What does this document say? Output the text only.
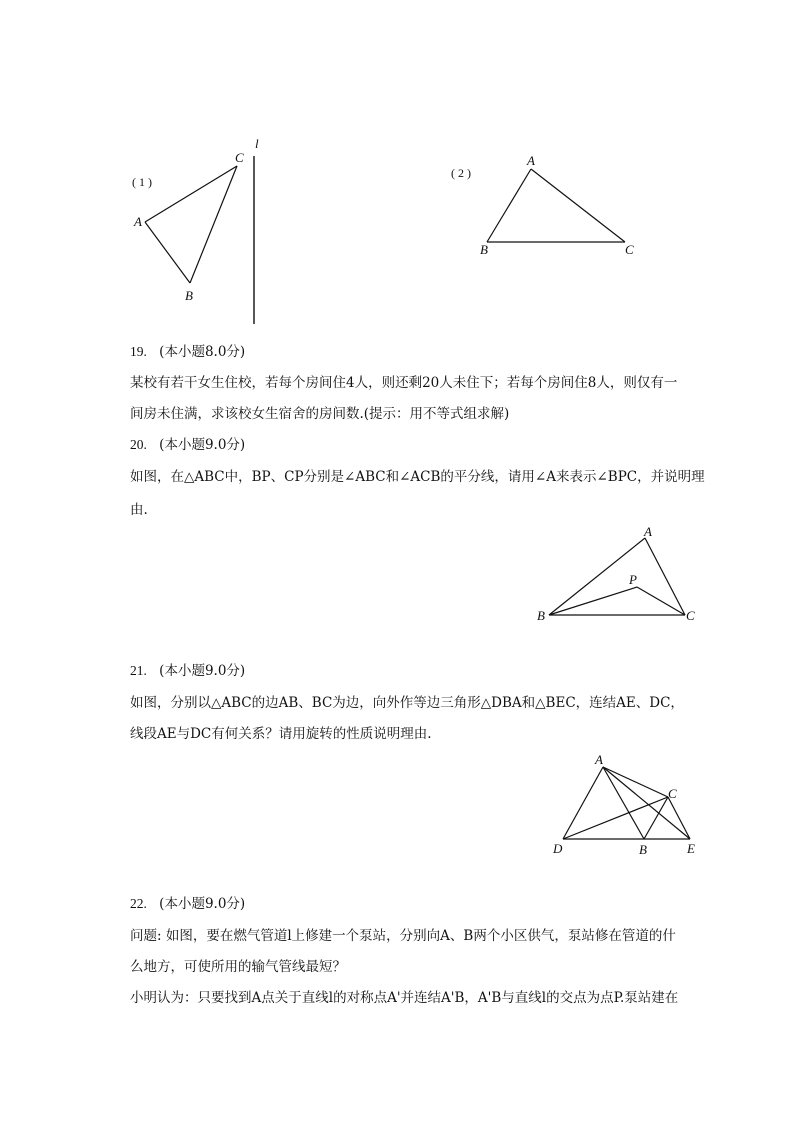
( 1 )
l
A
B
C
( 2 )
A
B	C
19. (本小题8.0分)
某校有若干女生住校，若每个房间住4人，则还剩20人未住下；若每个房间住8人，则仅有一
间房未住满，求该校女生宿舍的房间数.(提示：用不等式组求解)
20. (本小题9.0分)
如图，在△ABC中，BP、CP分别是∠ABC和∠ACB的平分线，请用∠A来表示∠BPC，并说明理
由.
A
B	C
P
21. (本小题9.0分)
如图，分别以△ABC的边AB、BC为边，向外作等边三角形△DBA和△BEC，连结AE、DC，
线段AE与DC有何关系？请用旋转的性质说明理由.
A
B
C
D	E
22. (本小题9.0分)
问题: 如图，要在燃气管道l上修建一个泵站，分别向A、B两个小区供气，泵站修在管道的什
么地方，可使所用的输气管线最短？
小明认为：只要找到A点关于直线l的对称点A'并连结A'B，A'B与直线l的交点为点P.泵站建在
